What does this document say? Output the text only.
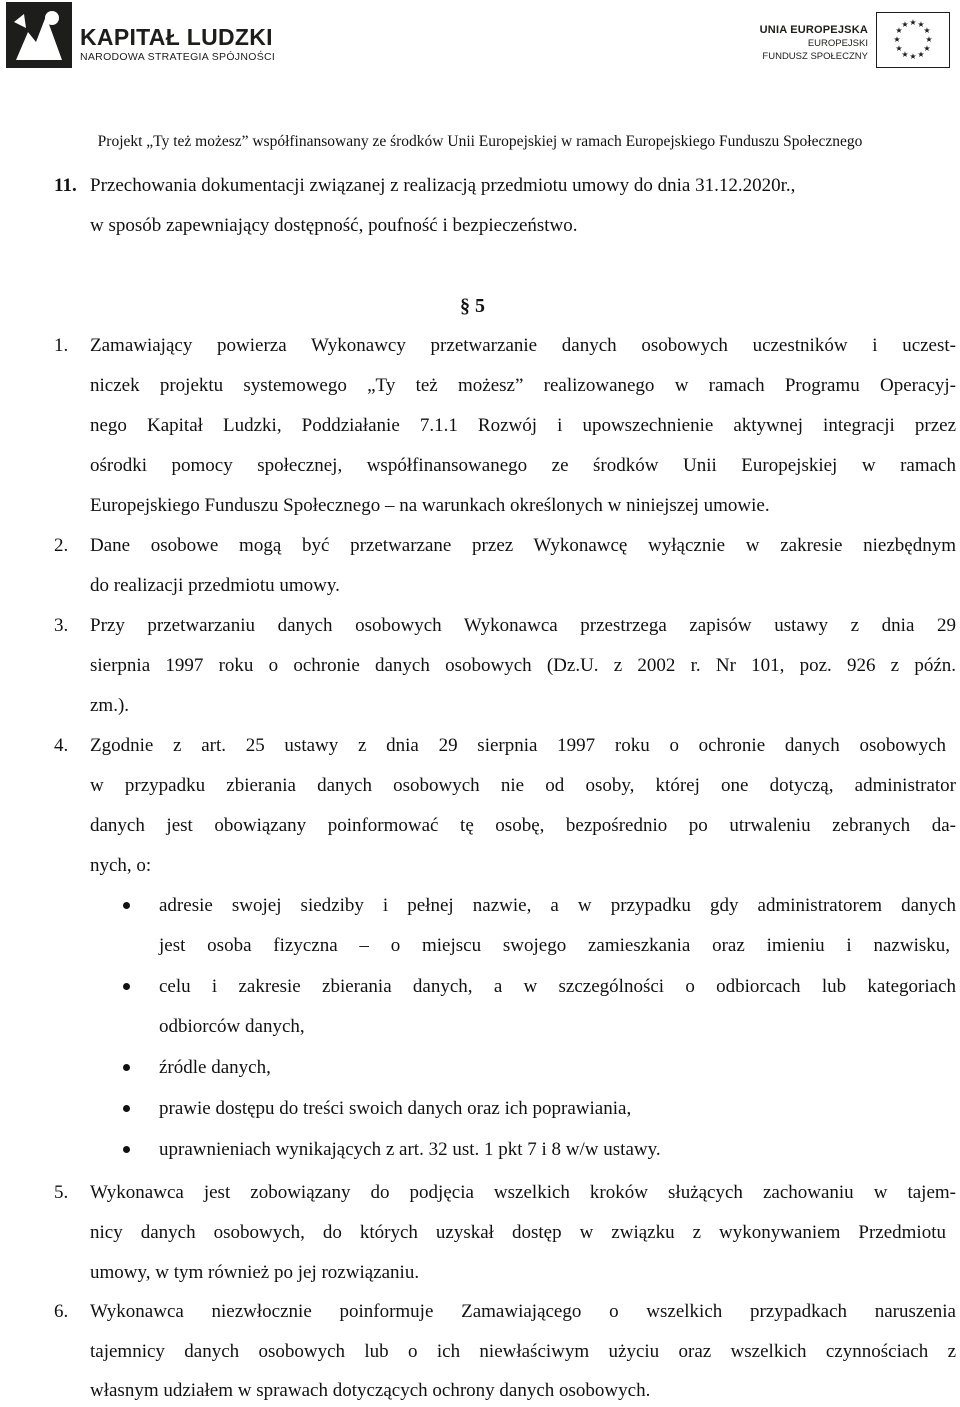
KAPITAŁ LUDZKI
NARODOWA STRATEGIA SPÓJNOŚCI
UNIA EUROPEJSKA
EUROPEJSKI
FUNDUSZ SPOŁECZNY
★ ★
★
★
★
★
★
★
★
★
★
★
Projekt „Ty też możesz” współfinansowany ze środków Unii Europejskiej w ramach Europejskiego Funduszu Społecznego
11. Przechowania dokumentacji związanej z realizacją przedmiotu umowy do dnia 31.12.2020r.,
w sposób zapewniający dostępność, poufność i bezpieczeństwo.
§ 5
1. Zamawiający powierza Wykonawcy przetwarzanie danych osobowych uczestników i uczest-
niczek projektu systemowego „Ty też możesz” realizowanego w ramach Programu Operacyj-
nego Kapitał Ludzki, Poddziałanie 7.1.1 Rozwój i upowszechnienie aktywnej integracji przez
ośrodki pomocy społecznej, współfinansowanego ze środków Unii Europejskiej w ramach
Europejskiego Funduszu Społecznego – na warunkach określonych w niniejszej umowie.
2. Dane osobowe mogą być przetwarzane przez Wykonawcę wyłącznie w zakresie niezbędnym
do realizacji przedmiotu umowy.
3. Przy przetwarzaniu danych osobowych Wykonawca przestrzega zapisów ustawy z dnia 29
sierpnia 1997 roku o ochronie danych osobowych (Dz.U. z 2002 r. Nr 101, poz. 926 z późn.
zm.).
4. Zgodnie z art. 25 ustawy z dnia 29 sierpnia 1997 roku o ochronie danych osobowych
w przypadku zbierania danych osobowych nie od osoby, której one dotyczą, administrator
danych jest obowiązany poinformować tę osobę, bezpośrednio po utrwaleniu zebranych da-
nych, o:
adresie swojej siedziby i pełnej nazwie, a w przypadku gdy administratorem danych
jest osoba fizyczna – o miejscu swojego zamieszkania oraz imieniu i nazwisku,
celu i zakresie zbierania danych, a w szczególności o odbiorcach lub kategoriach
odbiorców danych,
źródle danych,
prawie dostępu do treści swoich danych oraz ich poprawiania,
uprawnieniach wynikających z art. 32 ust. 1 pkt 7 i 8 w/w ustawy.
5. Wykonawca jest zobowiązany do podjęcia wszelkich kroków służących zachowaniu w tajem-
nicy danych osobowych, do których uzyskał dostęp w związku z wykonywaniem Przedmiotu
umowy, w tym również po jej rozwiązaniu.
6. Wykonawca niezwłocznie poinformuje Zamawiającego o wszelkich przypadkach naruszenia
tajemnicy danych osobowych lub o ich niewłaściwym użyciu oraz wszelkich czynnościach z
własnym udziałem w sprawach dotyczących ochrony danych osobowych.
